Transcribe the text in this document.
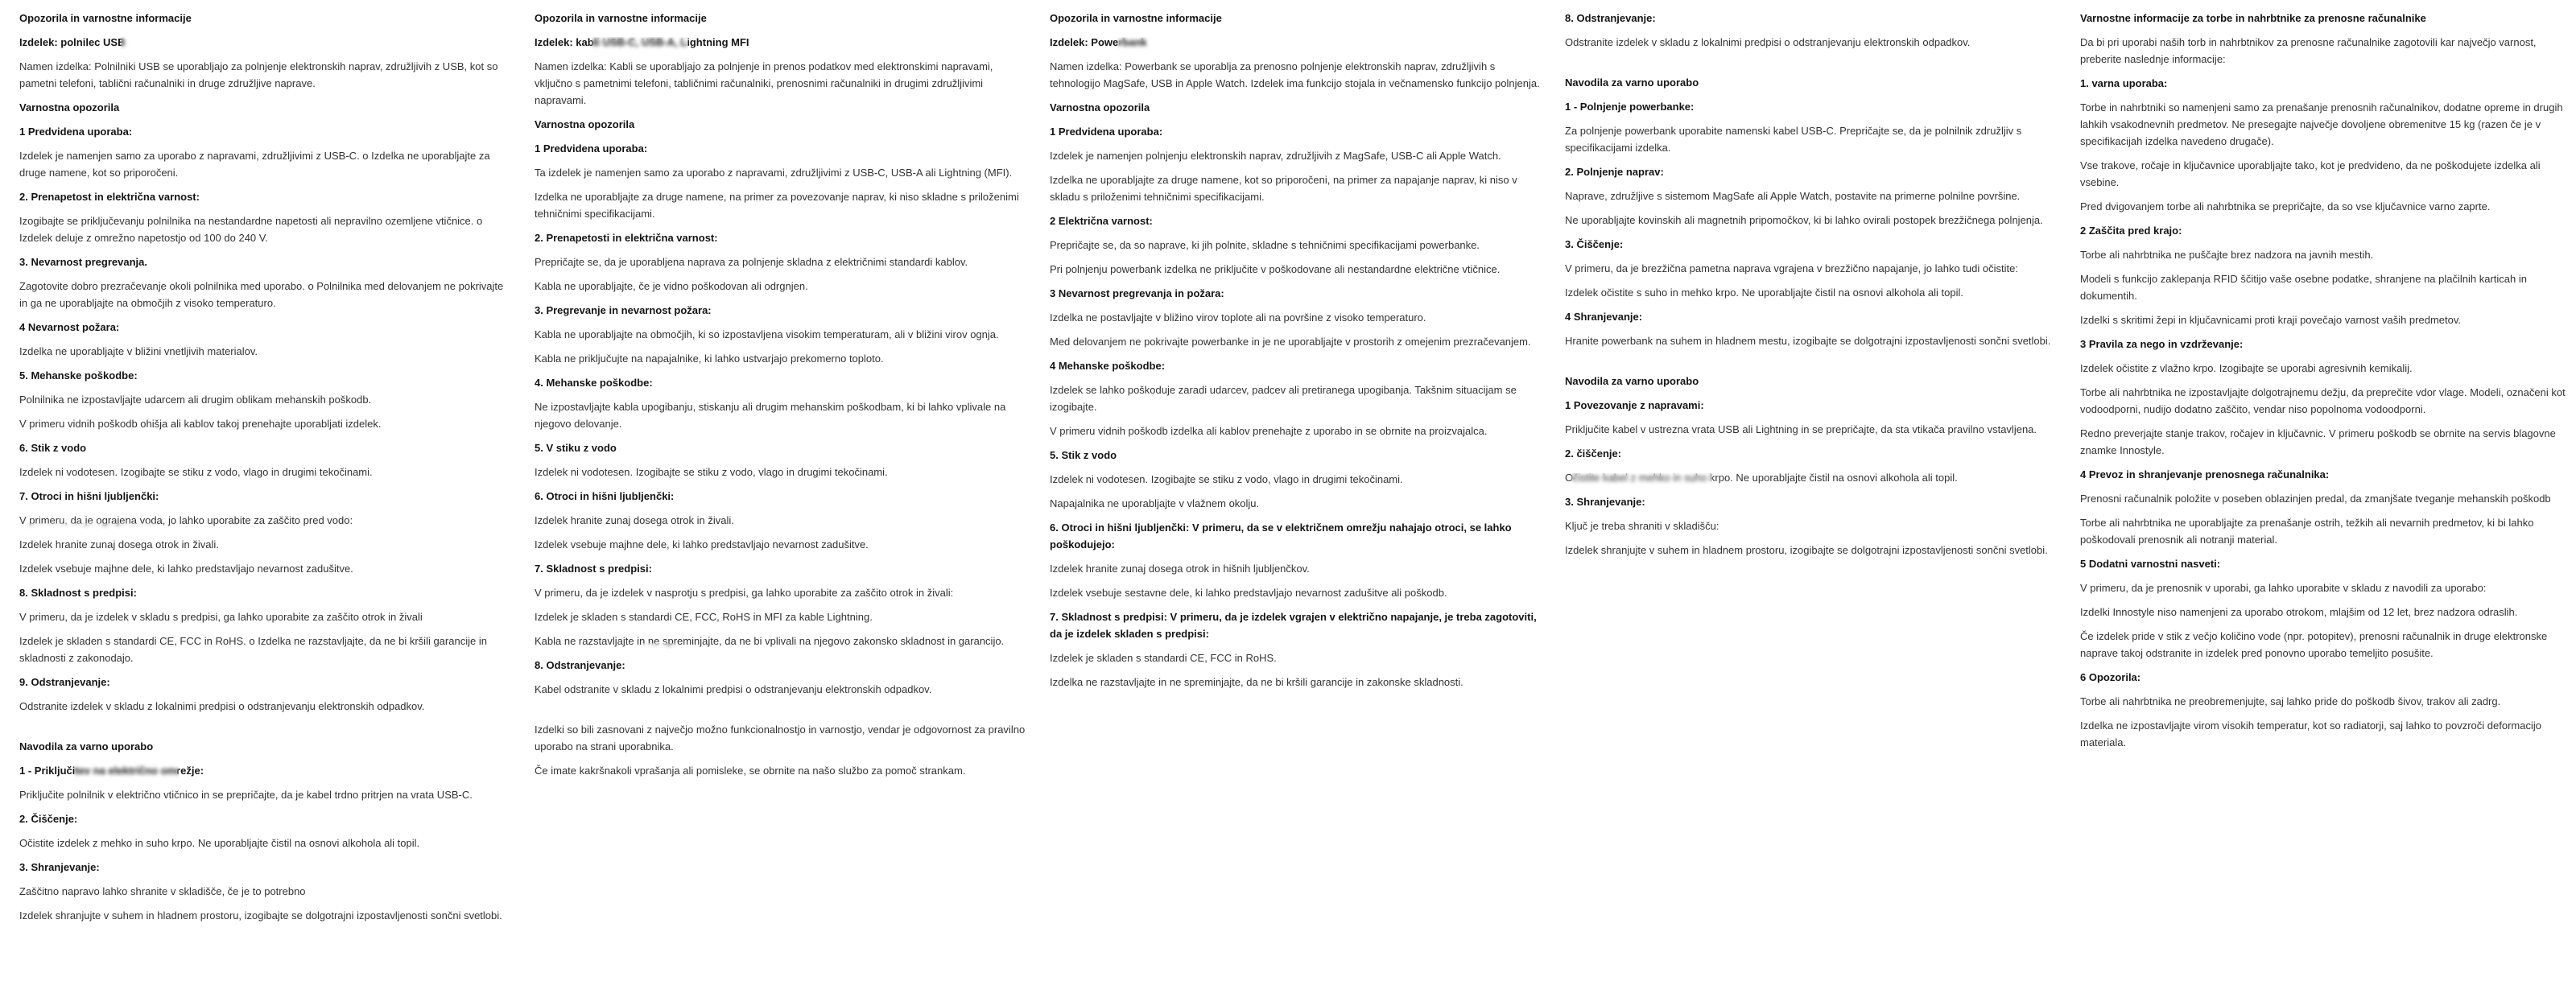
Opozorila in varnostne informacije
Izdelek: polnilec USB
Namen izdelka: Polnilniki USB se uporabljajo za polnjenje elektronskih naprav, združljivih z USB, kot so pametni telefoni, tablični računalniki in druge združljive naprave.
Varnostna opozorila
1 Predvidena uporaba:
Izdelek je namenjen samo za uporabo z napravami, združljivimi z USB-C. o Izdelka ne uporabljajte za druge namene, kot so priporočeni.
2. Prenapetost in električna varnost:
Izogibajte se priključevanju polnilnika na nestandardne napetosti ali nepravilno ozemljene vtičnice. o Izdelek deluje z omrežno napetostjo od 100 do 240 V.
3. Nevarnost pregrevanja.
Zagotovite dobro prezračevanje okoli polnilnika med uporabo. o Polnilnika med delovanjem ne pokrivajte in ga ne uporabljajte na območjih z visoko temperaturo.
4 Nevarnost požara:
Izdelka ne uporabljajte v bližini vnetljivih materialov.
5. Mehanske poškodbe:
Polnilnika ne izpostavljajte udarcem ali drugim oblikam mehanskih poškodb.
V primeru vidnih poškodb ohišja ali kablov takoj prenehajte uporabljati izdelek.
6. Stik z vodo
Izdelek ni vodotesen. Izogibajte se stiku z vodo, vlago in drugimi tekočinami.
7. Otroci in hišni ljubljenčki:
V primeru, da je ograjena voda, jo lahko uporabite za zaščito pred vodo:
Izdelek hranite zunaj dosega otrok in živali.
Izdelek vsebuje majhne dele, ki lahko predstavljajo nevarnost zadušitve.
8. Skladnost s predpisi:
V primeru, da je izdelek v skladu s predpisi, ga lahko uporabite za zaščito otrok in živali
Izdelek je skladen s standardi CE, FCC in RoHS. o Izdelka ne razstavljajte, da ne bi kršili garancije in skladnosti z zakonodajo.
9. Odstranjevanje:
Odstranite izdelek v skladu z lokalnimi predpisi o odstranjevanju elektronskih odpadkov.
Navodila za varno uporabo
1 - Priključitev na električno omrežje:
Priključite polnilnik v električno vtičnico in se prepričajte, da je kabel trdno pritrjen na vrata USB-C.
2. Čiščenje:
Očistite izdelek z mehko in suho krpo. Ne uporabljajte čistil na osnovi alkohola ali topil.
3. Shranjevanje:
Zaščitno napravo lahko shranite v skladišče, če je to potrebno
Izdelek shranjujte v suhem in hladnem prostoru, izogibajte se dolgotrajni izpostavljenosti sončni svetlobi.
Opozorila in varnostne informacije
Izdelek: kabli USB-C, USB-A, Lightning MFI
Namen izdelka: Kabli se uporabljajo za polnjenje in prenos podatkov med elektronskimi napravami, vključno s pametnimi telefoni, tabličnimi računalniki, prenosnimi računalniki in drugimi združljivimi napravami.
Varnostna opozorila
1 Predvidena uporaba:
Ta izdelek je namenjen samo za uporabo z napravami, združljivimi z USB-C, USB-A ali Lightning (MFI).
Izdelka ne uporabljajte za druge namene, na primer za povezovanje naprav, ki niso skladne s priloženimi tehničnimi specifikacijami.
2. Prenapetosti in električna varnost:
Prepričajte se, da je uporabljena naprava za polnjenje skladna z električnimi standardi kablov.
Kabla ne uporabljajte, če je vidno poškodovan ali odrgnjen.
3. Pregrevanje in nevarnost požara:
Kabla ne uporabljajte na območjih, ki so izpostavljena visokim temperaturam, ali v bližini virov ognja.
Kabla ne priključujte na napajalnike, ki lahko ustvarjajo prekomerno toploto.
4. Mehanske poškodbe:
Ne izpostavljajte kabla upogibanju, stiskanju ali drugim mehanskim poškodbam, ki bi lahko vplivale na njegovo delovanje.
5. V stiku z vodo
Izdelek ni vodotesen. Izogibajte se stiku z vodo, vlago in drugimi tekočinami.
6. Otroci in hišni ljubljenčki:
Izdelek hranite zunaj dosega otrok in živali.
Izdelek vsebuje majhne dele, ki lahko predstavljajo nevarnost zadušitve.
7. Skladnost s predpisi:
V primeru, da je izdelek v nasprotju s predpisi, ga lahko uporabite za zaščito otrok in živali:
Izdelek je skladen s standardi CE, FCC, RoHS in MFI za kable Lightning.
Kabla ne razstavljajte in ne spreminjajte, da ne bi vplivali na njegovo zakonsko skladnost in garancijo.
8. Odstranjevanje:
Kabel odstranite v skladu z lokalnimi predpisi o odstranjevanju elektronskih odpadkov.
Izdelki so bili zasnovani z največjo možno funkcionalnostjo in varnostjo, vendar je odgovornost za pravilno uporabo na strani uporabnika.
Če imate kakršnakoli vprašanja ali pomisleke, se obrnite na našo službo za pomoč strankam.
Opozorila in varnostne informacije
Izdelek: Powerbank
Namen izdelka: Powerbank se uporablja za prenosno polnjenje elektronskih naprav, združljivih s tehnologijo MagSafe, USB in Apple Watch. Izdelek ima funkcijo stojala in večnamensko funkcijo polnjenja.
Varnostna opozorila
1 Predvidena uporaba:
Izdelek je namenjen polnjenju elektronskih naprav, združljivih z MagSafe, USB-C ali Apple Watch.
Izdelka ne uporabljajte za druge namene, kot so priporočeni, na primer za napajanje naprav, ki niso v skladu s priloženimi tehničnimi specifikacijami.
2 Električna varnost:
Prepričajte se, da so naprave, ki jih polnite, skladne s tehničnimi specifikacijami powerbanke.
Pri polnjenju powerbank izdelka ne priključite v poškodovane ali nestandardne električne vtičnice.
3 Nevarnost pregrevanja in požara:
Izdelka ne postavljajte v bližino virov toplote ali na površine z visoko temperaturo.
Med delovanjem ne pokrivajte powerbanke in je ne uporabljajte v prostorih z omejenim prezračevanjem.
4 Mehanske poškodbe:
Izdelek se lahko poškoduje zaradi udarcev, padcev ali pretiranega upogibanja. Takšnim situacijam se izogibajte.
V primeru vidnih poškodb izdelka ali kablov prenehajte z uporabo in se obrnite na proizvajalca.
5. Stik z vodo
Izdelek ni vodotesen. Izogibajte se stiku z vodo, vlago in drugimi tekočinami.
Napajalnika ne uporabljajte v vlažnem okolju.
6. Otroci in hišni ljubljenčki: V primeru, da se v električnem omrežju nahajajo otroci, se lahko poškodujejo:
Izdelek hranite zunaj dosega otrok in hišnih ljubljenčkov.
Izdelek vsebuje sestavne dele, ki lahko predstavljajo nevarnost zadušitve ali poškodb.
7. Skladnost s predpisi: V primeru, da je izdelek vgrajen v električno napajanje, je treba zagotoviti, da je izdelek skladen s predpisi:
Izdelek je skladen s standardi CE, FCC in RoHS.
Izdelka ne razstavljajte in ne spreminjajte, da ne bi kršili garancije in zakonske skladnosti.
8. Odstranjevanje:
Odstranite izdelek v skladu z lokalnimi predpisi o odstranjevanju elektronskih odpadkov.
Navodila za varno uporabo
1 - Polnjenje powerbanke:
Za polnjenje powerbank uporabite namenski kabel USB-C. Prepričajte se, da je polnilnik združljiv s specifikacijami izdelka.
2. Polnjenje naprav:
Naprave, združljive s sistemom MagSafe ali Apple Watch, postavite na primerne polnilne površine.
Ne uporabljajte kovinskih ali magnetnih pripomočkov, ki bi lahko ovirali postopek brezžičnega polnjenja.
3. Čiščenje:
V primeru, da je brezžična pametna naprava vgrajena v brezžično napajanje, jo lahko tudi očistite:
Izdelek očistite s suho in mehko krpo. Ne uporabljajte čistil na osnovi alkohola ali topil.
4 Shranjevanje:
Hranite powerbank na suhem in hladnem mestu, izogibajte se dolgotrajni izpostavljenosti sončni svetlobi.
Navodila za varno uporabo
1 Povezovanje z napravami:
Priključite kabel v ustrezna vrata USB ali Lightning in se prepričajte, da sta vtikača pravilno vstavljena.
2. čiščenje:
Očistite kabel z mehko in suho krpo. Ne uporabljajte čistil na osnovi alkohola ali topil.
3. Shranjevanje:
Ključ je treba shraniti v skladišču:
Izdelek shranjujte v suhem in hladnem prostoru, izogibajte se dolgotrajni izpostavljenosti sončni svetlobi.
Varnostne informacije za torbe in nahrbtnike za prenosne računalnike
Da bi pri uporabi naših torb in nahrbtnikov za prenosne računalnike zagotovili kar največjo varnost, preberite naslednje informacije:
1. varna uporaba:
Torbe in nahrbtniki so namenjeni samo za prenašanje prenosnih računalnikov, dodatne opreme in drugih lahkih vsakodnevnih predmetov. Ne presegajte največje dovoljene obremenitve 15 kg (razen če je v specifikacijah izdelka navedeno drugače).
Vse trakove, ročaje in ključavnice uporabljajte tako, kot je predvideno, da ne poškodujete izdelka ali vsebine.
Pred dvigovanjem torbe ali nahrbtnika se prepričajte, da so vse ključavnice varno zaprte.
2 Zaščita pred krajo:
Torbe ali nahrbtnika ne puščajte brez nadzora na javnih mestih.
Modeli s funkcijo zaklepanja RFID ščitijo vaše osebne podatke, shranjene na plačilnih karticah in dokumentih.
Izdelki s skritimi žepi in ključavnicami proti kraji povečajo varnost vaših predmetov.
3 Pravila za nego in vzdrževanje:
Izdelek očistite z vlažno krpo. Izogibajte se uporabi agresivnih kemikalij.
Torbe ali nahrbtnika ne izpostavljajte dolgotrajnemu dežju, da preprečite vdor vlage. Modeli, označeni kot vodoodporni, nudijo dodatno zaščito, vendar niso popolnoma vodoodporni.
Redno preverjajte stanje trakov, ročajev in ključavnic. V primeru poškodb se obrnite na servis blagovne znamke Innostyle.
4 Prevoz in shranjevanje prenosnega računalnika:
Prenosni računalnik položite v poseben oblazinjen predal, da zmanjšate tveganje mehanskih poškodb
Torbe ali nahrbtnika ne uporabljajte za prenašanje ostrih, težkih ali nevarnih predmetov, ki bi lahko poškodovali prenosnik ali notranji material.
5 Dodatni varnostni nasveti:
V primeru, da je prenosnik v uporabi, ga lahko uporabite v skladu z navodili za uporabo:
Izdelki Innostyle niso namenjeni za uporabo otrokom, mlajšim od 12 let, brez nadzora odraslih.
Če izdelek pride v stik z večjo količino vode (npr. potopitev), prenosni računalnik in druge elektronske naprave takoj odstranite in izdelek pred ponovno uporabo temeljito posušite.
6 Opozorila:
Torbe ali nahrbtnika ne preobremenjujte, saj lahko pride do poškodb šivov, trakov ali zadrg.
Izdelka ne izpostavljajte virom visokih temperatur, kot so radiatorji, saj lahko to povzroči deformacijo materiala.
